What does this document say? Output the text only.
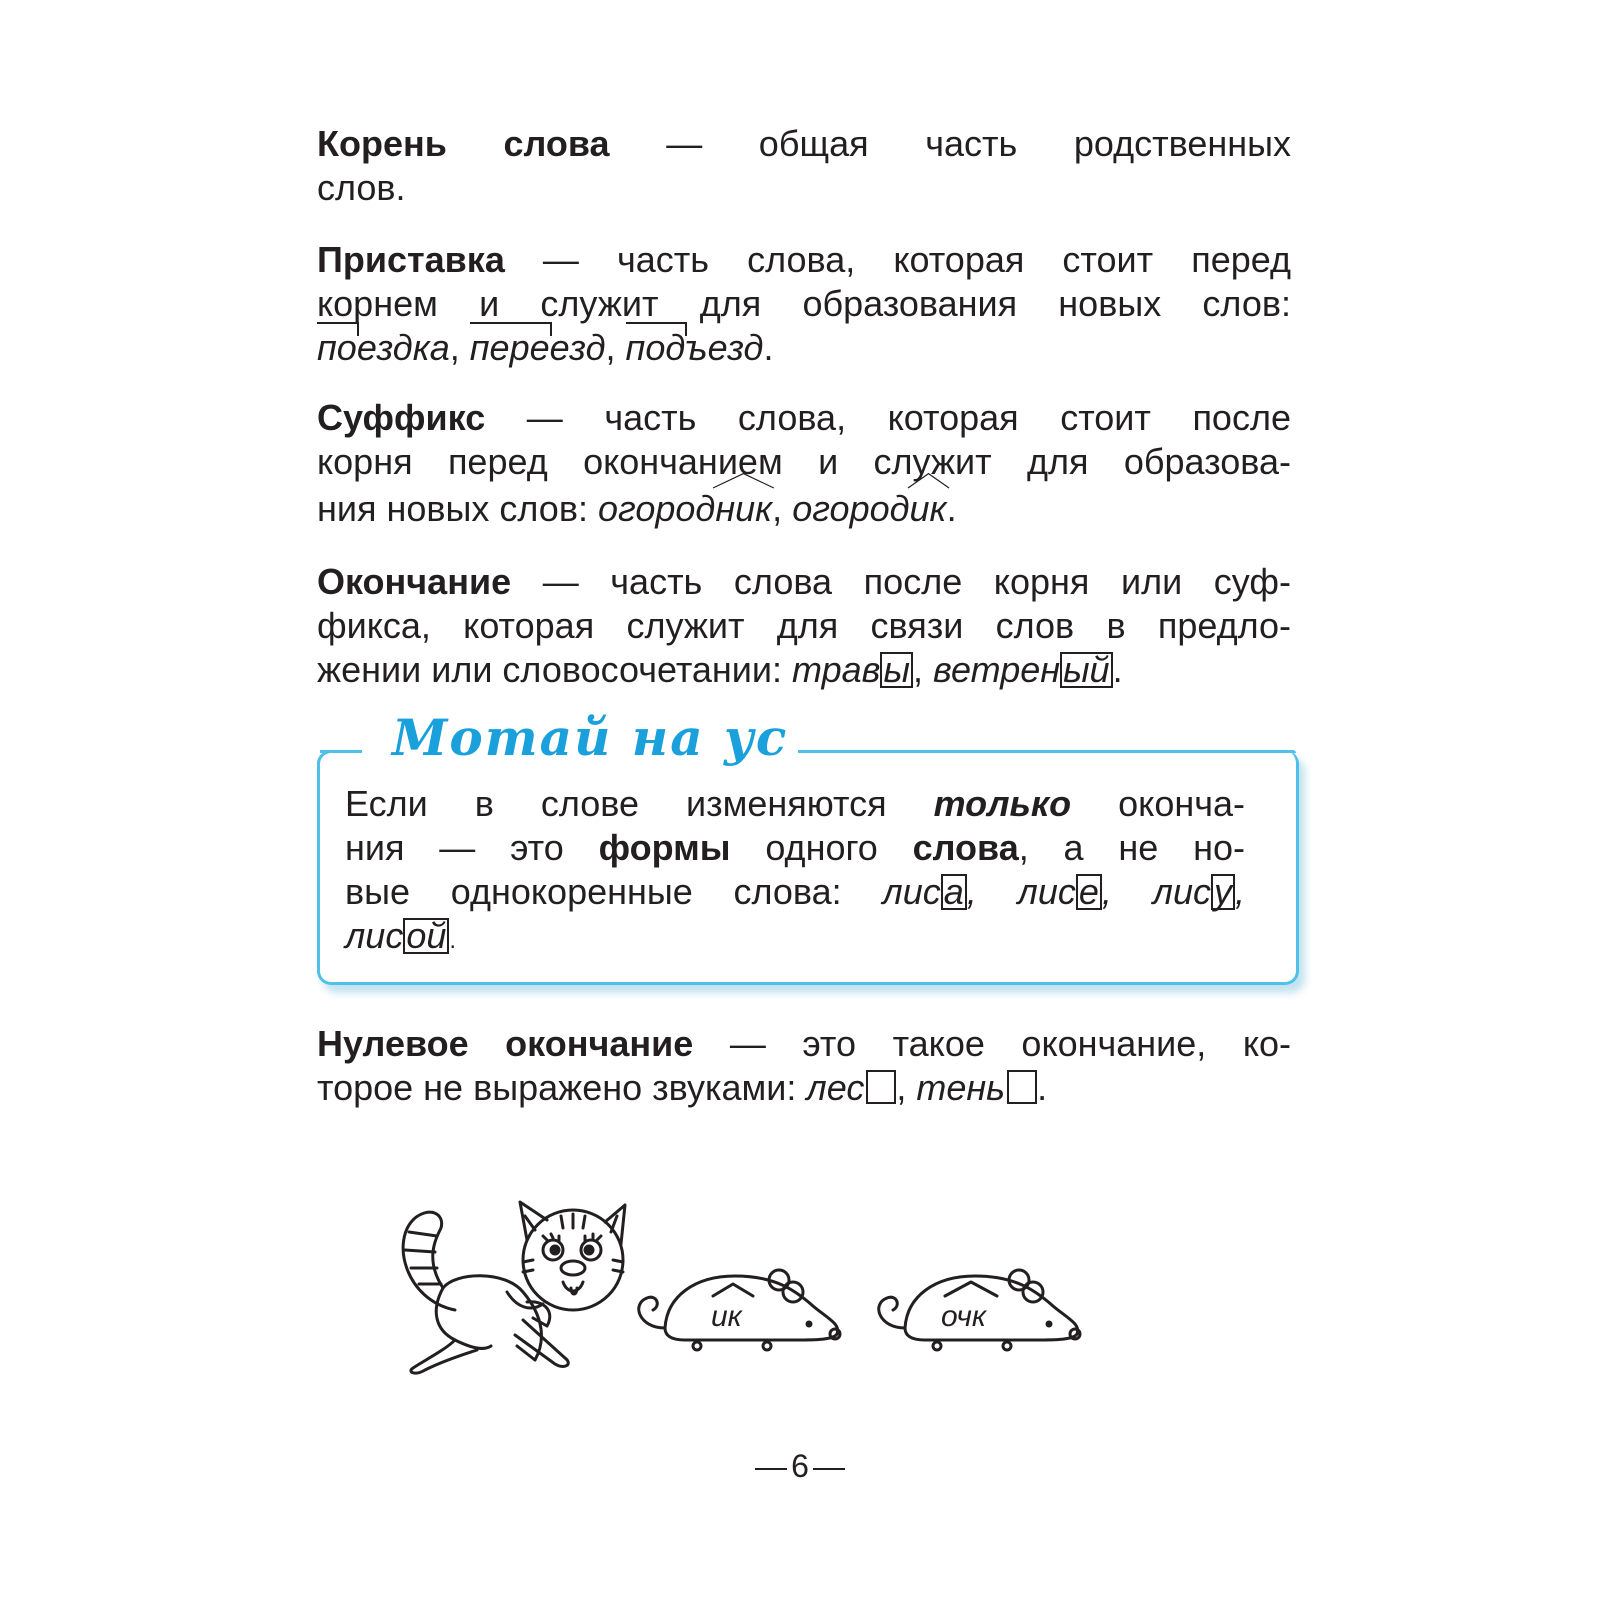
Корень слова — общая часть родственных
слов.
Приставка — часть слова, которая стоит перед
корнем и служит для образования новых слов:
поездка, переезд, подъезд.
Суффикс — часть слова, которая стоит после
корня перед окончанием и служит для образова-
ния новых слов: огород
ник, огород
ик.
Окончание — часть слова после корня или суф-
фикса, которая служит для связи слов в предло-
жении или словосочетании: травы, ветреный.
Мотай на ус
Если в слове изменяются только оконча-
ния — это формы одного слова, а не но-
вые однокоренные слова: лиса, лисе, лису,
лисой .
Нулевое окончание — это такое окончание, ко-
торое не выражено звуками: лес , тень .
ик	очк
6
